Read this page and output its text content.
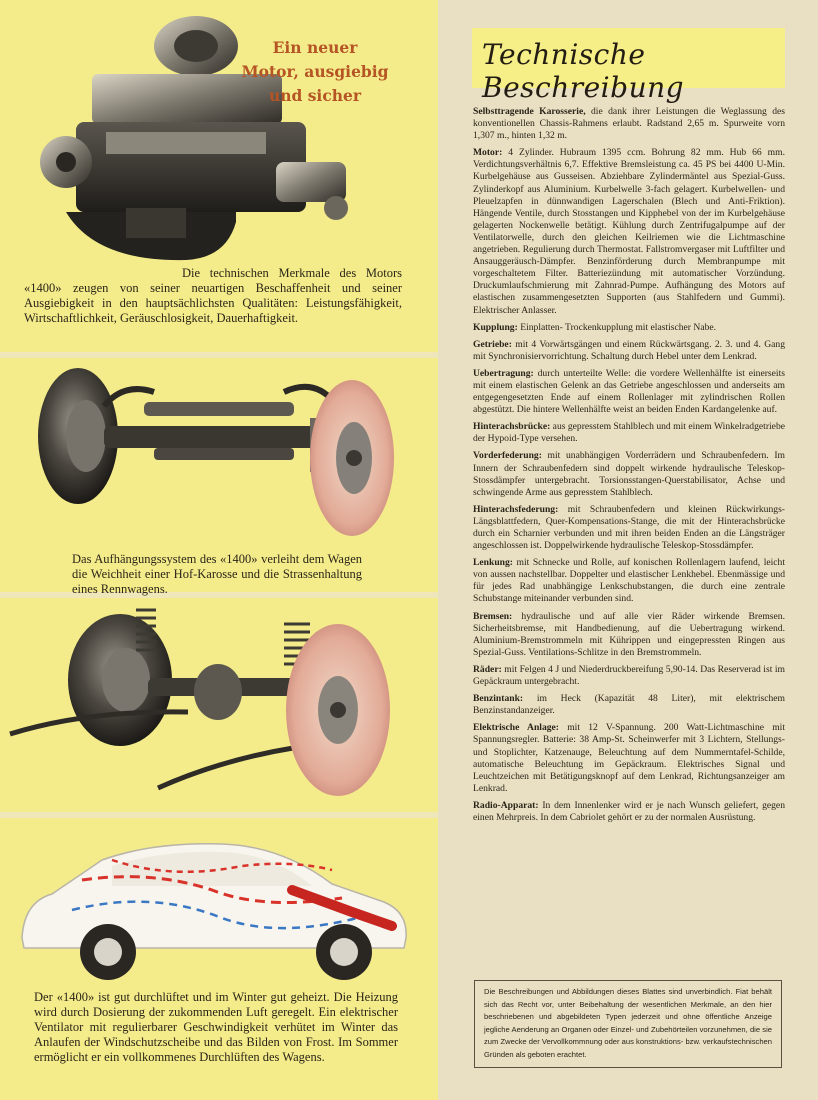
Ein neuer
Motor, ausgiebig
und sicher
Die technischen Merkmale des Motors «1400» zeugen von seiner neuartigen Beschaffenheit und seiner Ausgiebigkeit in den hauptsächlichsten Qualitäten: Leistungsfähigkeit, Wirtschaftlichkeit, Geräuschlosigkeit, Dauerhaftigkeit.
Das Aufhängungssystem des «1400» verleiht dem Wagen die Weichheit einer Hof-Karosse und die Strassenhaltung eines Rennwagens.
Der «1400» ist gut durchlüftet und im Winter gut geheizt. Die Heizung wird durch Dosierung der zukommenden Luft geregelt. Ein elektrischer Ventilator mit regulierbarer Geschwindigkeit verhütet im Winter das Anlaufen der Windschutzscheibe und das Bilden von Frost. Im Sommer ermöglicht er ein vollkommenes Durchlüften des Wagens.
Technische Beschreibung

Selbsttragende Karosserie, die dank ihrer Leistungen die Weglassung des konventionellen Chassis-Rahmens erlaubt. Radstand 2,65 m. Spurweite vorn 1,307 m., hinten 1,32 m.

Motor: 4 Zylinder. Hubraum 1395 ccm. Bohrung 82 mm. Hub 66 mm. Verdichtungsverhältnis 6,7. Effektive Bremsleistung ca. 45 PS bei 4400 U-Min. Kurbelgehäuse aus Gusseisen. Abziehbare Zylindermäntel aus Spezial-Guss. Zylinderkopf aus Aluminium. Kurbelwelle 3-fach gelagert. Kurbelwellen- und Pleuelzapfen in dünnwandigen Lagerschalen (Blech und Anti-Friktion). Hängende Ventile, durch Stosstangen und Kipphebel von der im Kurbelgehäuse gelagerten Nockenwelle betätigt. Kühlung durch Zentrifugalpumpe auf der Ventilatorwelle, durch den gleichen Keilriemen wie die Lichtmaschine angetrieben. Regulierung durch Thermostat. Fallstromvergaser mit Luftfilter und Ansauggeräusch-Dämpfer. Benzinförderung durch Membranpumpe mit vorgeschaltetem Filter. Batteriezündung mit automatischer Vorzündung. Druckumlaufschmierung mit Zahnrad-Pumpe. Aufhängung des Motors auf elastischen zusammengesetzten Supporten (aus Stahlfedern und Gummi). Elektrischer Anlasser.

Kupplung: Einplatten- Trockenkupplung mit elastischer Nabe.

Getriebe: mit 4 Vorwärtsgängen und einem Rückwärtsgang. 2. 3. und 4. Gang mit Synchronisiervorrichtung. Schaltung durch Hebel unter dem Lenkrad.

Uebertragung: durch unterteilte Welle: die vordere Wellenhälfte ist einerseits mit einem elastischen Gelenk an das Getriebe angeschlossen und anderseits am entgegengesetzten Ende auf einem Rollenlager mit zylindrischen Rollen abgestützt. Die hintere Wellenhälfte weist an beiden Enden Kardangelenke auf.

Hinterachsbrücke: aus gepresstem Stahlblech und mit einem Winkelradgetriebe der Hypoid-Type versehen.

Vorderfederung: mit unabhängigen Vorderrädern und Schraubenfedern. Im Innern der Schraubenfedern sind doppelt wirkende hydraulische Teleskop-Stossdämpfer untergebracht. Torsionsstangen-Querstabilisator, Achse und schwingende Arme aus gepresstem Stahlblech.

Hinterachsfederung: mit Schraubenfedern und kleinen Rückwirkungs-Längsblattfedern, Quer-Kompensations-Stange, die mit der Hinterachsbrücke durch ein Scharnier verbunden und mit ihren beiden Enden an die Längsträger angeschlossen ist. Doppelwirkende hydraulische Teleskop-Stossdämpfer.

Lenkung: mit Schnecke und Rolle, auf konischen Rollenlagern laufend, leicht von aussen nachstellbar. Doppelter und elastischer Lenkhebel. Ebenmässige und für jedes Rad unabhängige Lenkschubstangen, die durch eine zentrale Schubstange miteinander verbunden sind.

Bremsen: hydraulische und auf alle vier Räder wirkende Bremsen. Sicherheitsbremse, mit Handbedienung, auf die Uebertragung wirkend. Aluminium-Bremstrommeln mit Kührippen und eingepressten Ringen aus Spezial-Guss. Ventilations-Schlitze in den Bremstrommeln.

Räder: mit Felgen 4 J und Niederdruckbereifung 5,90-14. Das Reserverad ist im Gepäckraum untergebracht.

Benzintank: im Heck (Kapazität 48 Liter), mit elektrischem Benzinstandanzeiger.

Elektrische Anlage: mit 12 V-Spannung. 200 Watt-Lichtmaschine mit Spannungsregler. Batterie: 38 Amp-St. Scheinwerfer mit 3 Lichtern, Stellungs- und Stoplichter, Katzenauge, Beleuchtung auf dem Nummerntafel-Schilde, automatische Beleuchtung im Gepäckraum. Elektrisches Signal und Leuchtzeichen mit Betätigungsknopf auf dem Lenkrad, Richtungsanzeiger am Lenkrad.

Radio-Apparat: In dem Innenlenker wird er je nach Wunsch geliefert, gegen einen Mehrpreis. In dem Cabriolet gehört er zu der normalen Ausrüstung.

Die Beschreibungen und Abbildungen dieses Blattes sind unverbindlich. Fiat behält sich das Recht vor, unter Beibehaltung der wesentlichen Merkmale, an den hier beschriebenen und abgebildeten Typen jederzeit und ohne öffentliche Anzeige jegliche Aenderung an Organen oder Einzel- und Zubehörteilen vorzunehmen, die sie zum Zwecke der Vervollkommnung oder aus konstruktions- bzw. verkaufstechnischen Gründen als geboten erachtet.
